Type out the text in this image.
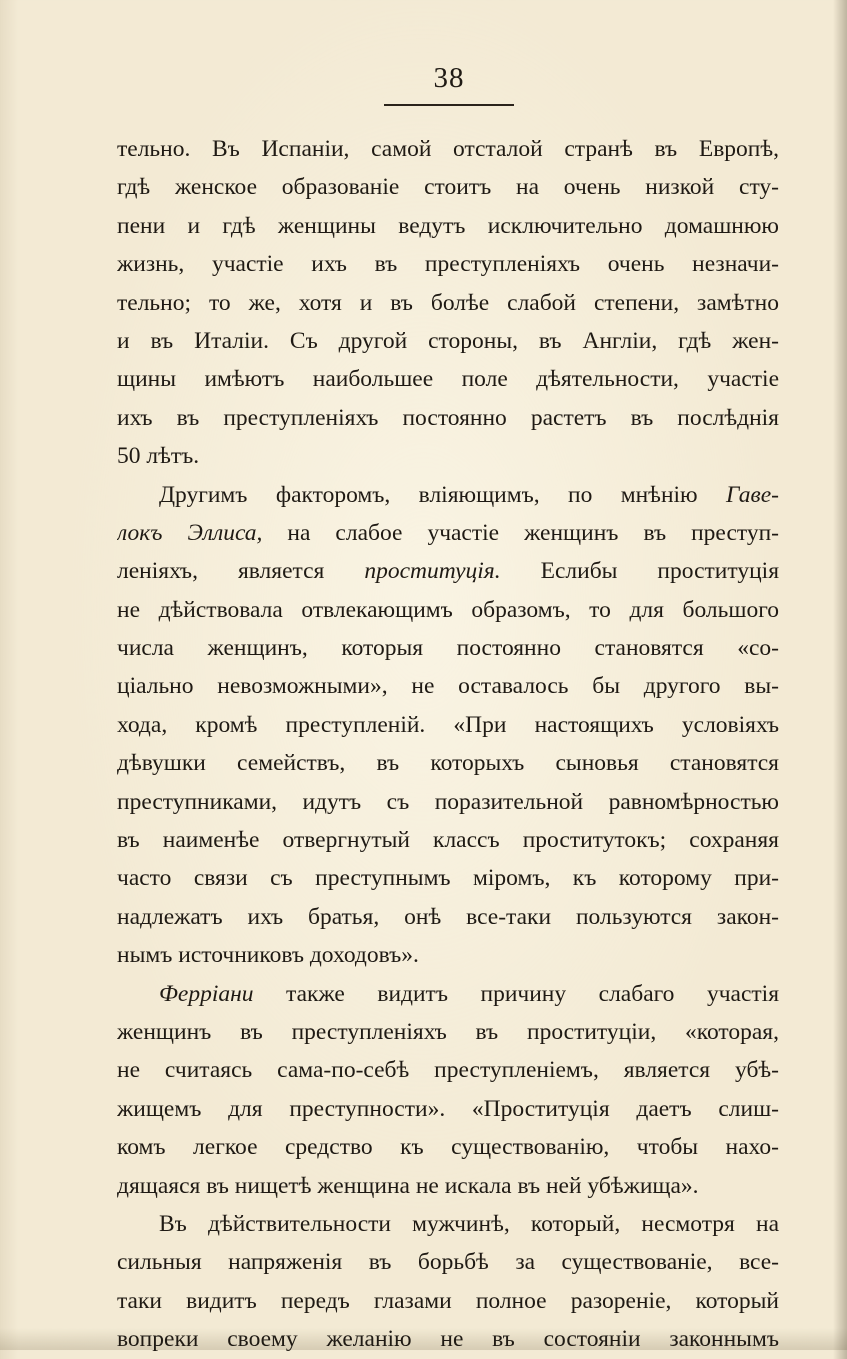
38
тельно. Въ Испаніи, самой отсталой странѣ въ Европѣ,
гдѣ женское образованіе стоитъ на очень низкой сту-
пени и гдѣ женщины ведутъ исключительно домашнюю
жизнь, участіе ихъ въ преступленіяхъ очень незначи-
тельно; то же, хотя и въ болѣе слабой степени, замѣтно
и въ Италіи. Съ другой стороны, въ Англіи, гдѣ жен-
щины имѣютъ наибольшее поле дѣятельности, участіе
ихъ въ преступленіяхъ постоянно растетъ въ послѣднія
50 лѣтъ.
Другимъ факторомъ, вліяющимъ, по мнѣнію Гаве-
локъ Эллиса, на слабое участіе женщинъ въ преступ-
леніяхъ, является проституція. Еслибы проституція
не дѣйствовала отвлекающимъ образомъ, то для большого
числа женщинъ, которыя постоянно становятся «со-
ціально невозможными», не оставалось бы другого вы-
хода, кромѣ преступленій. «При настоящихъ условіяхъ
дѣвушки семействъ, въ которыхъ сыновья становятся
преступниками, идутъ съ поразительной равномѣрностью
въ наименѣе отвергнутый классъ проститутокъ; сохраняя
часто связи съ преступнымъ міромъ, къ которому при-
надлежатъ ихъ братья, онѣ все-таки пользуются закон-
нымъ источниковъ доходовъ».
Ферріани также видитъ причину слабаго участія
женщинъ въ преступленіяхъ въ проституціи, «которая,
не считаясь сама-по-себѣ преступленіемъ, является убѣ-
жищемъ для преступности». «Проституція даетъ слиш-
комъ легкое средство къ существованію, чтобы нахо-
дящаяся въ нищетѣ женщина не искала въ ней убѣжища».
Въ дѣйствительности мужчинѣ, который, несмотря на
сильныя напряженія въ борьбѣ за существованіе, все-
таки видитъ передъ глазами полное разореніе, который
вопреки своему желанію не въ состояніи законнымъ
